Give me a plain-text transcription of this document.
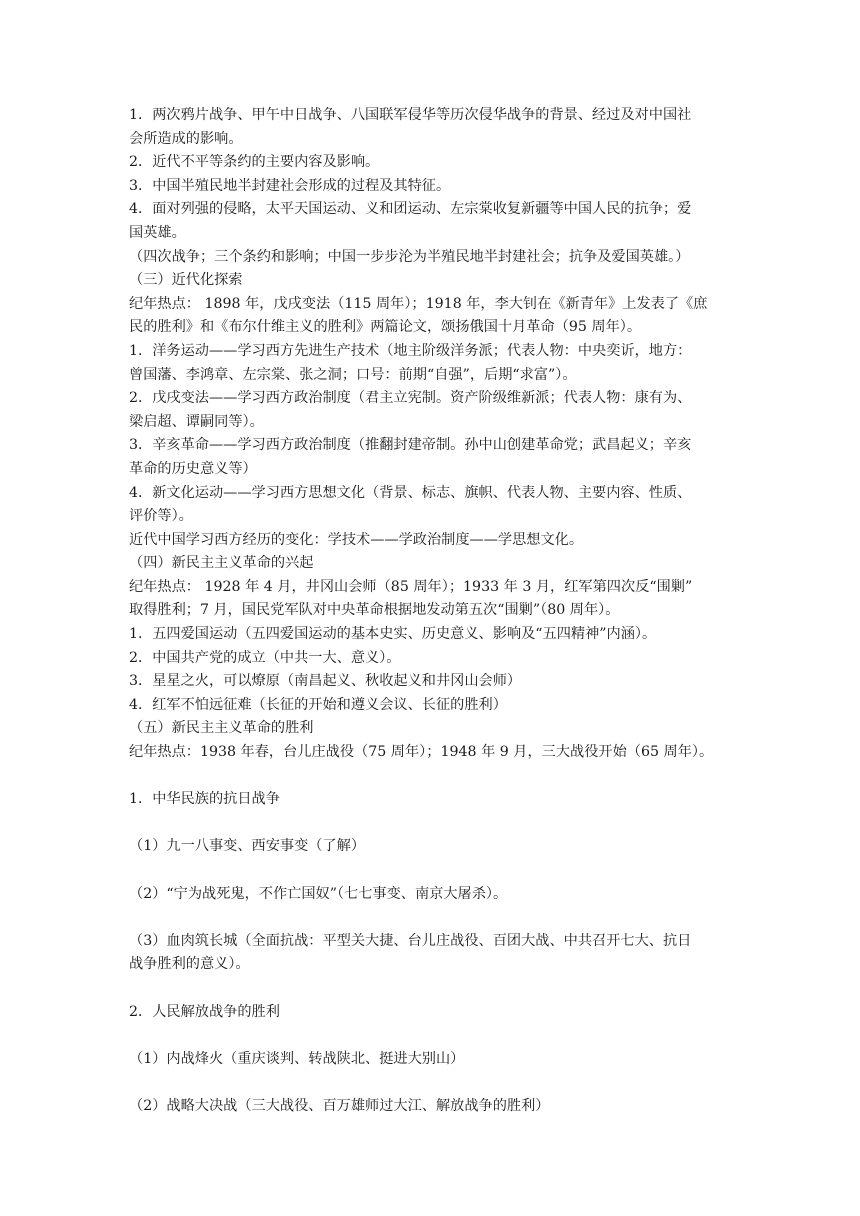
1．两次鸦片战争、甲午中日战争、八国联军侵华等历次侵华战争的背景、经过及对中国社
会所造成的影响。
2．近代不平等条约的主要内容及影响。
3．中国半殖民地半封建社会形成的过程及其特征。
4．面对列强的侵略，太平天国运动、义和团运动、左宗棠收复新疆等中国人民的抗争；爱
国英雄。
（四次战争；三个条约和影响；中国一步步沦为半殖民地半封建社会；抗争及爱国英雄。）
（三）近代化探索
纪年热点： 1898 年，戊戌变法（115 周年）；1918 年，李大钊在《新青年》上发表了《庶
民的胜利》和《布尔什维主义的胜利》两篇论文，颂扬俄国十月革命（95 周年）。
1．洋务运动——学习西方先进生产技术（地主阶级洋务派；代表人物：中央奕䜣，地方：
曾国藩、李鸿章、左宗棠、张之洞；口号：前期“自强”，后期“求富”）。
2．戊戌变法——学习西方政治制度（君主立宪制。资产阶级维新派；代表人物：康有为、
梁启超、谭嗣同等）。
3．辛亥革命——学习西方政治制度（推翻封建帝制。孙中山创建革命党；武昌起义；辛亥
革命的历史意义等）
4．新文化运动——学习西方思想文化（背景、标志、旗帜、代表人物、主要内容、性质、
评价等）。
近代中国学习西方经历的变化：学技术——学政治制度——学思想文化。
（四）新民主主义革命的兴起
纪年热点： 1928 年 4 月，井冈山会师（85 周年）；1933 年 3 月，红军第四次反“围剿”
取得胜利；7 月，国民党军队对中央革命根据地发动第五次“围剿”（80 周年）。
1．五四爱国运动（五四爱国运动的基本史实、历史意义、影响及“五四精神”内涵）。
2．中国共产党的成立（中共一大、意义）。
3．星星之火，可以燎原（南昌起义、秋收起义和井冈山会师）
4．红军不怕远征难（长征的开始和遵义会议、长征的胜利）
（五）新民主主义革命的胜利
纪年热点：1938 年春，台儿庄战役（75 周年）；1948 年 9 月，三大战役开始（65 周年）。
1．中华民族的抗日战争
（1）九一八事变、西安事变（了解）
（2）“宁为战死鬼，不作亡国奴”（七七事变、南京大屠杀）。
（3）血肉筑长城（全面抗战：平型关大捷、台儿庄战役、百团大战、中共召开七大、抗日
战争胜利的意义）。
2．人民解放战争的胜利
（1）内战烽火（重庆谈判、转战陕北、挺进大别山）
（2）战略大决战（三大战役、百万雄师过大江、解放战争的胜利）
